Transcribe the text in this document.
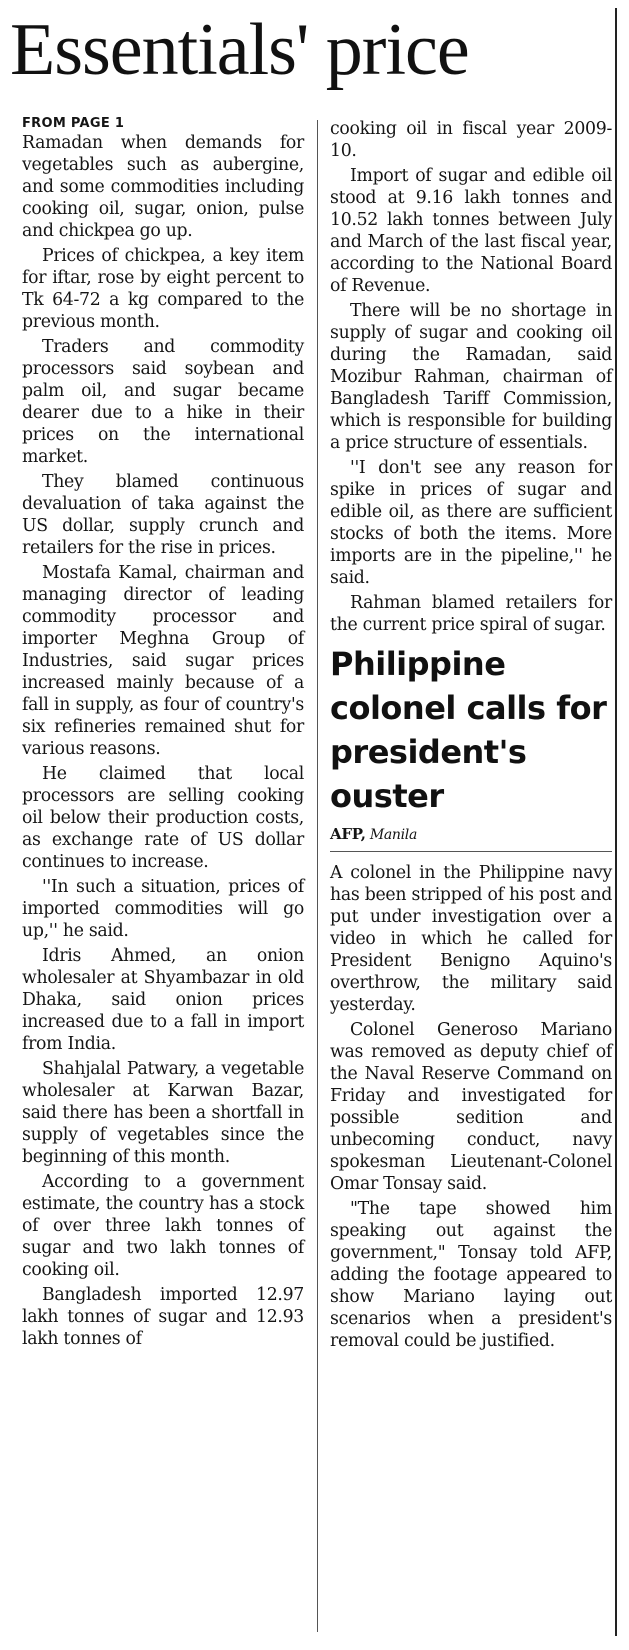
Essentials' price
FROM PAGE 1

Ramadan when demands for vegetables such as aubergine, and some commodities including cooking oil, sugar, onion, pulse and chickpea go up.

Prices of chickpea, a key item for iftar, rose by eight percent to Tk 64-72 a kg compared to the previous month.

Traders and commodity processors said soybean and palm oil, and sugar became dearer due to a hike in their prices on the international market.

They blamed continuous devaluation of taka against the US dollar, supply crunch and retailers for the rise in prices.

Mostafa Kamal, chairman and managing director of leading commodity processor and importer Meghna Group of Industries, said sugar prices increased mainly because of a fall in supply, as four of country's six refineries remained shut for various reasons.

He claimed that local processors are selling cooking oil below their production costs, as exchange rate of US dollar continues to increase.

''In such a situation, prices of imported commodities will go up,'' he said.

Idris Ahmed, an onion wholesaler at Shyambazar in old Dhaka, said onion prices increased due to a fall in import from India.

Shahjalal Patwary, a vegetable wholesaler at Karwan Bazar, said there has been a shortfall in supply of vegetables since the beginning of this month.

According to a government estimate, the country has a stock of over three lakh tonnes of sugar and two lakh tonnes of cooking oil.

Bangladesh imported 12.97 lakh tonnes of sugar and 12.93 lakh tonnes of

cooking oil in fiscal year 2009-10.

Import of sugar and edible oil stood at 9.16 lakh tonnes and 10.52 lakh tonnes between July and March of the last fiscal year, according to the National Board of Revenue.

There will be no shortage in supply of sugar and cooking oil during the Ramadan, said Mozibur Rahman, chairman of Bangladesh Tariff Commission, which is responsible for building a price structure of essentials.

''I don't see any reason for spike in prices of sugar and edible oil, as there are sufficient stocks of both the items. More imports are in the pipeline,'' he said.

Rahman blamed retailers for the current price spiral of sugar.

Philippine colonel calls for president's ouster
AFP, Manila

A colonel in the Philippine navy has been stripped of his post and put under investigation over a video in which he called for President Benigno Aquino's overthrow, the military said yesterday.

Colonel Generoso Mariano was removed as deputy chief of the Naval Reserve Command on Friday and investigated for possible sedition and unbecoming conduct, navy spokesman Lieutenant-Colonel Omar Tonsay said.

"The tape showed him speaking out against the government," Tonsay told AFP, adding the footage appeared to show Mariano laying out scenarios when a president's removal could be justified.
